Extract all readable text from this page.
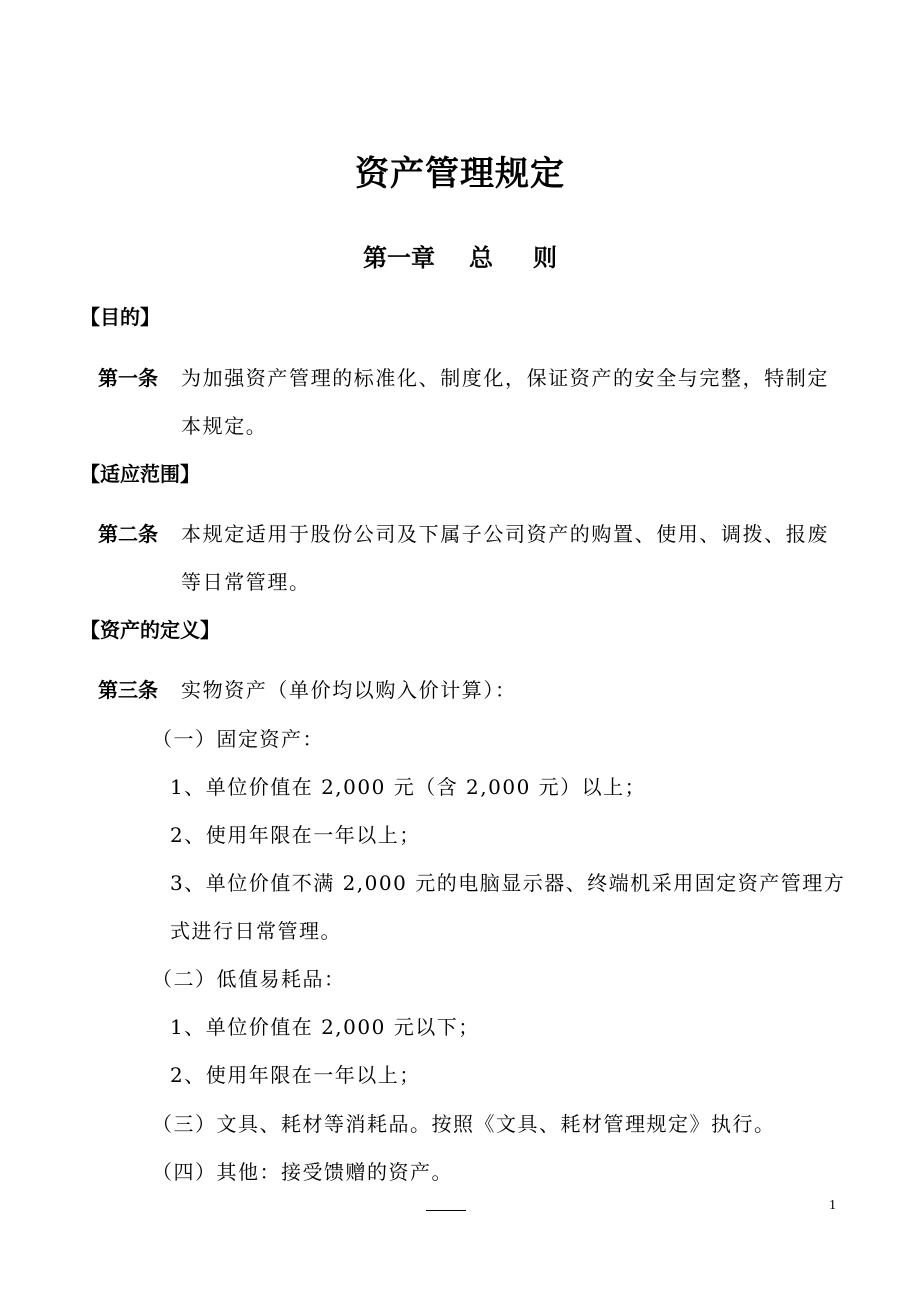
资产管理规定
第一章 总 则
【目的】
第一条 为加强资产管理的标准化、制度化，保证资产的安全与完整，特制定
本规定。
【适应范围】
第二条 本规定适用于股份公司及下属子公司资产的购置、使用、调拨、报废
等日常管理。
【资产的定义】
第三条 实物资产（单价均以购入价计算）：
（一）固定资产：
1、单位价值在 2,000 元（含 2,000 元）以上；
2、使用年限在一年以上；
3、单位价值不满 2,000 元的电脑显示器、终端机采用固定资产管理方
式进行日常管理。
（二）低值易耗品：
1、单位价值在 2,000 元以下；
2、使用年限在一年以上；
（三）文具、耗材等消耗品。按照《文具、耗材管理规定》执行。
（四）其他：接受馈赠的资产。
1
